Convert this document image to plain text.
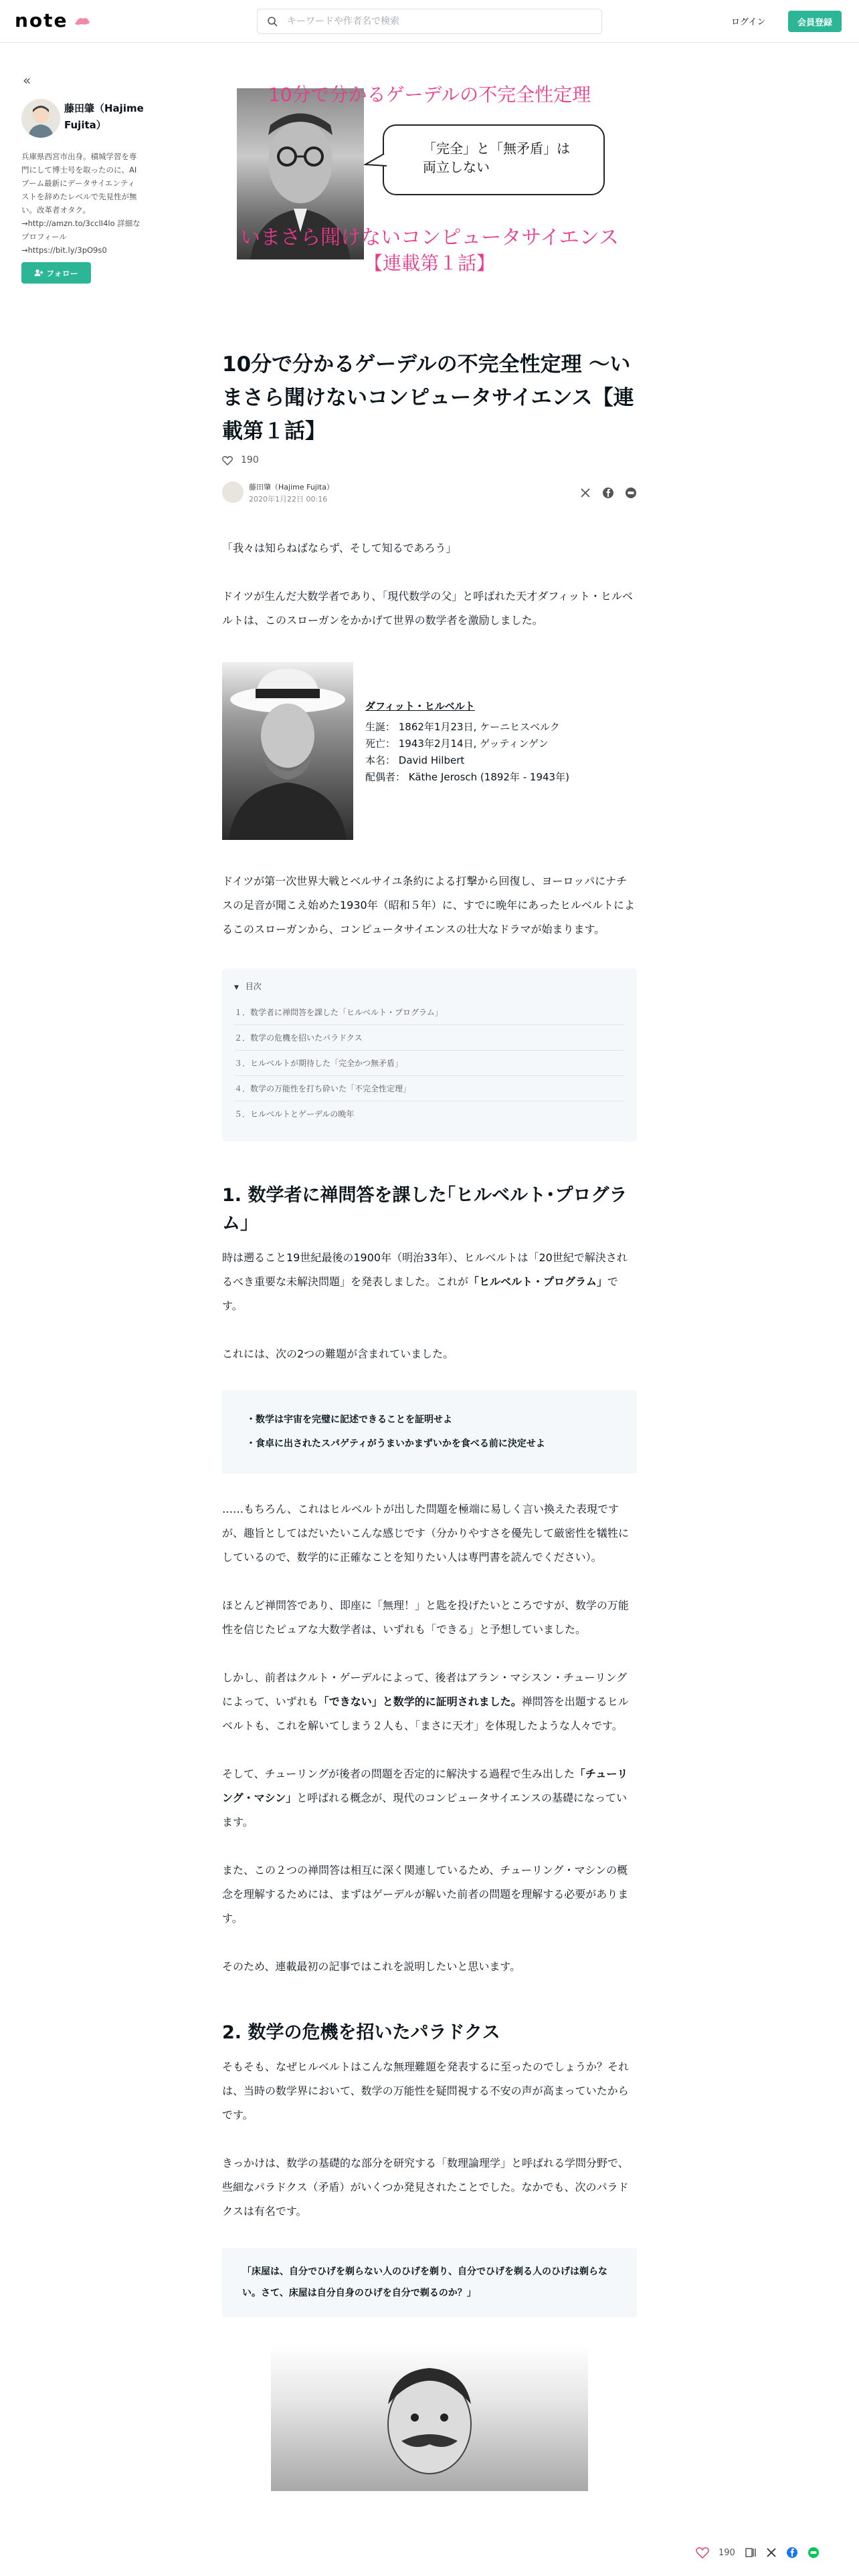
note
キーワードや作者名で検索	ログイン	会員登録
«
藤田肇（Hajime Fujita）
兵庫県西宮市出身。積城学習を専
門にして博士号を取ったのに、AI
ブーム最新にデータサイエンティ
ストを辞めたレベルで先見性が無
い。改革者オタク。
→http://amzn.to/3cclI4lo 詳細な
プロフィール
→https://bit.ly/3pO9s0
フォロー
10分で分かるゲーデルの不完全性定理
「完全」と「無矛盾」は両立しない
いまさら聞けないコンピュータサイエンス
【連載第１話】
10分で分かるゲーデルの不完全性定理 〜いまさら聞けないコンピュータサイエンス【連載第１話】
190
藤田肇（Hajime Fujita）
2020年1月22日 00:16

「我々は知らねばならず、そして知るであろう」

ドイツが生んだ大数学者であり、「現代数学の父」と呼ばれた天才ダフィット・ヒルベルトは、このスローガンをかかげて世界の数学者を激励しました。

ダフィット・ヒルベルト
生誕： 1862年1月23日, ケーニヒスベルク
死亡： 1943年2月14日, ゲッティンゲン
本名： David Hilbert
配偶者： Käthe Jerosch (1892年 - 1943年)

ドイツが第一次世界大戦とベルサイユ条約による打撃から回復し、ヨーロッパにナチスの足音が聞こえ始めた1930年（昭和５年）に、すでに晩年にあったヒルベルトによるこのスローガンから、コンピュータサイエンスの壮大なドラマが始まります。

▼ 目次
１．数学者に禅問答を課した「ヒルベルト・プログラム」
２．数学の危機を招いたパラドクス
３．ヒルベルトが期待した「完全かつ無矛盾」
４．数学の万能性を打ち砕いた「不完全性定理」
５．ヒルベルトとゲーデルの晩年
1. 数学者に禅問答を課した｢ヒルベルト･プログラム｣

時は遡ること19世紀最後の1900年（明治33年）、ヒルベルトは「20世紀で解決されるべき重要な未解決問題」を発表しました。これが「ヒルベルト・プログラム」です。

これには、次の2つの難題が含まれていました。

・数学は宇宙を完璧に記述できることを証明せよ
・食卓に出されたスパゲティがうまいかまずいかを食べる前に決定せよ

……もちろん、これはヒルベルトが出した問題を極端に易しく言い換えた表現ですが、趣旨としてはだいたいこんな感じです（分かりやすさを優先して厳密性を犠牲にしているので、数学的に正確なことを知りたい人は専門書を読んでください）。

ほとんど禅問答であり、即座に「無理！」と匙を投げたいところですが、数学の万能性を信じたピュアな大数学者は、いずれも「できる」と予想していました。

しかし、前者はクルト・ゲーデルによって、後者はアラン・マシスン・チューリングによって、いずれも「できない」と数学的に証明されました。禅問答を出題するヒルベルトも、これを解いてしまう２人も、「まさに天才」を体現したような人々です。

そして、チューリングが後者の問題を否定的に解決する過程で生み出した「チューリング・マシン」と呼ばれる概念が、現代のコンピュータサイエンスの基礎になっています。

また、この２つの禅問答は相互に深く関連しているため、チューリング・マシンの概念を理解するためには、まずはゲーデルが解いた前者の問題を理解する必要があります。

そのため、連載最初の記事ではこれを説明したいと思います。

2. 数学の危機を招いたパラドクス

そもそも、なぜヒルベルトはこんな無理難題を発表するに至ったのでしょうか？それは、当時の数学界において、数学の万能性を疑問視する不安の声が高まっていたからです。

きっかけは、数学の基礎的な部分を研究する「数理論理学」と呼ばれる学問分野で、些細なパラドクス（矛盾）がいくつか発見されたことでした。なかでも、次のパラドクスは有名です。

「床屋は、自分でひげを剃らない人のひげを剃り、自分でひげを剃る人のひげは剃らない。さて、床屋は自分自身のひげを自分で剃るのか？」
190
